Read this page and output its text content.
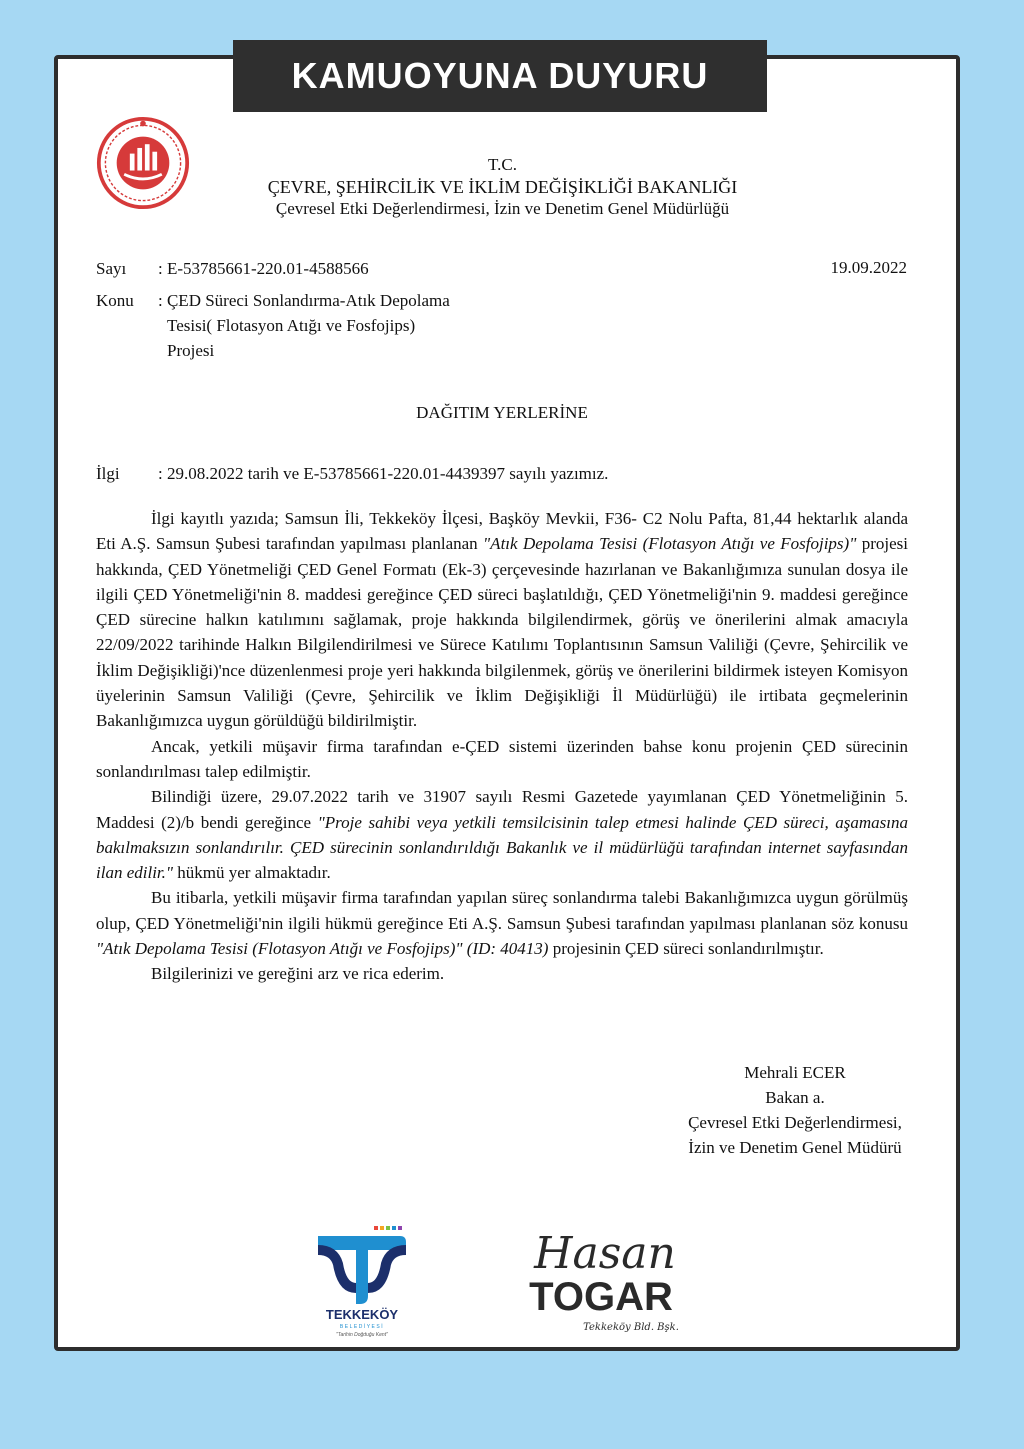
KAMUOYUNA DUYURU
T.C.
ÇEVRE, ŞEHİRCİLİK VE İKLİM DEĞİŞİKLİĞİ BAKANLIĞI
Çevresel Etki Değerlendirmesi, İzin ve Denetim Genel Müdürlüğü
Sayı : E-53785661-220.01-4588566	19.09.2022
Konu : ÇED Süreci Sonlandırma-Atık Depolama
Tesisi( Flotasyon Atığı ve Fosfojips)
Projesi
DAĞITIM YERLERİNE
İlgi : 29.08.2022 tarih ve E-53785661-220.01-4439397 sayılı yazımız.

İlgi kayıtlı yazıda; Samsun İli, Tekkeköy İlçesi, Başköy Mevkii, F36- C2 Nolu Pafta, 81,44 hektarlık alanda Eti A.Ş. Samsun Şubesi tarafından yapılması planlanan "Atık Depolama Tesisi (Flotasyon Atığı ve Fosfojips)" projesi hakkında, ÇED Yönetmeliği ÇED Genel Formatı (Ek-3) çerçevesinde hazırlanan ve Bakanlığımıza sunulan dosya ile ilgili ÇED Yönetmeliği'nin 8. maddesi gereğince ÇED süreci başlatıldığı, ÇED Yönetmeliği'nin 9. maddesi gereğince ÇED sürecine halkın katılımını sağlamak, proje hakkında bilgilendirmek, görüş ve önerilerini almak amacıyla 22/09/2022 tarihinde Halkın Bilgilendirilmesi ve Sürece Katılımı Toplantısının Samsun Valiliği (Çevre, Şehircilik ve İklim Değişikliği)'nce düzenlenmesi proje yeri hakkında bilgilenmek, görüş ve önerilerini bildirmek isteyen Komisyon üyelerinin Samsun Valiliği (Çevre, Şehircilik ve İklim Değişikliği İl Müdürlüğü) ile irtibata geçmelerinin Bakanlığımızca uygun görüldüğü bildirilmiştir.

Ancak, yetkili müşavir firma tarafından e-ÇED sistemi üzerinden bahse konu projenin ÇED sürecinin sonlandırılması talep edilmiştir.

Bilindiği üzere, 29.07.2022 tarih ve 31907 sayılı Resmi Gazetede yayımlanan ÇED Yönetmeliğinin 5. Maddesi (2)/b bendi gereğince "Proje sahibi veya yetkili temsilcisinin talep etmesi halinde ÇED süreci, aşamasına bakılmaksızın sonlandırılır. ÇED sürecinin sonlandırıldığı Bakanlık ve il müdürlüğü tarafından internet sayfasından ilan edilir." hükmü yer almaktadır.

Bu itibarla, yetkili müşavir firma tarafından yapılan süreç sonlandırma talebi Bakanlığımızca uygun görülmüş olup, ÇED Yönetmeliği'nin ilgili hükmü gereğince Eti A.Ş. Samsun Şubesi tarafından yapılması planlanan söz konusu "Atık Depolama Tesisi (Flotasyon Atığı ve Fosfojips)" (ID: 40413) projesinin ÇED süreci sonlandırılmıştır.

Bilgilerinizi ve gereğini arz ve rica ederim.

Mehrali ECER
Bakan a.
Çevresel Etki Değerlendirmesi,
İzin ve Denetim Genel Müdürü
TEKKEKÖY
BELEDİYESİ
"Tarihin Doğduğu Kent"
Hasan
TOGAR
Tekkeköy Bld. Bşk.
